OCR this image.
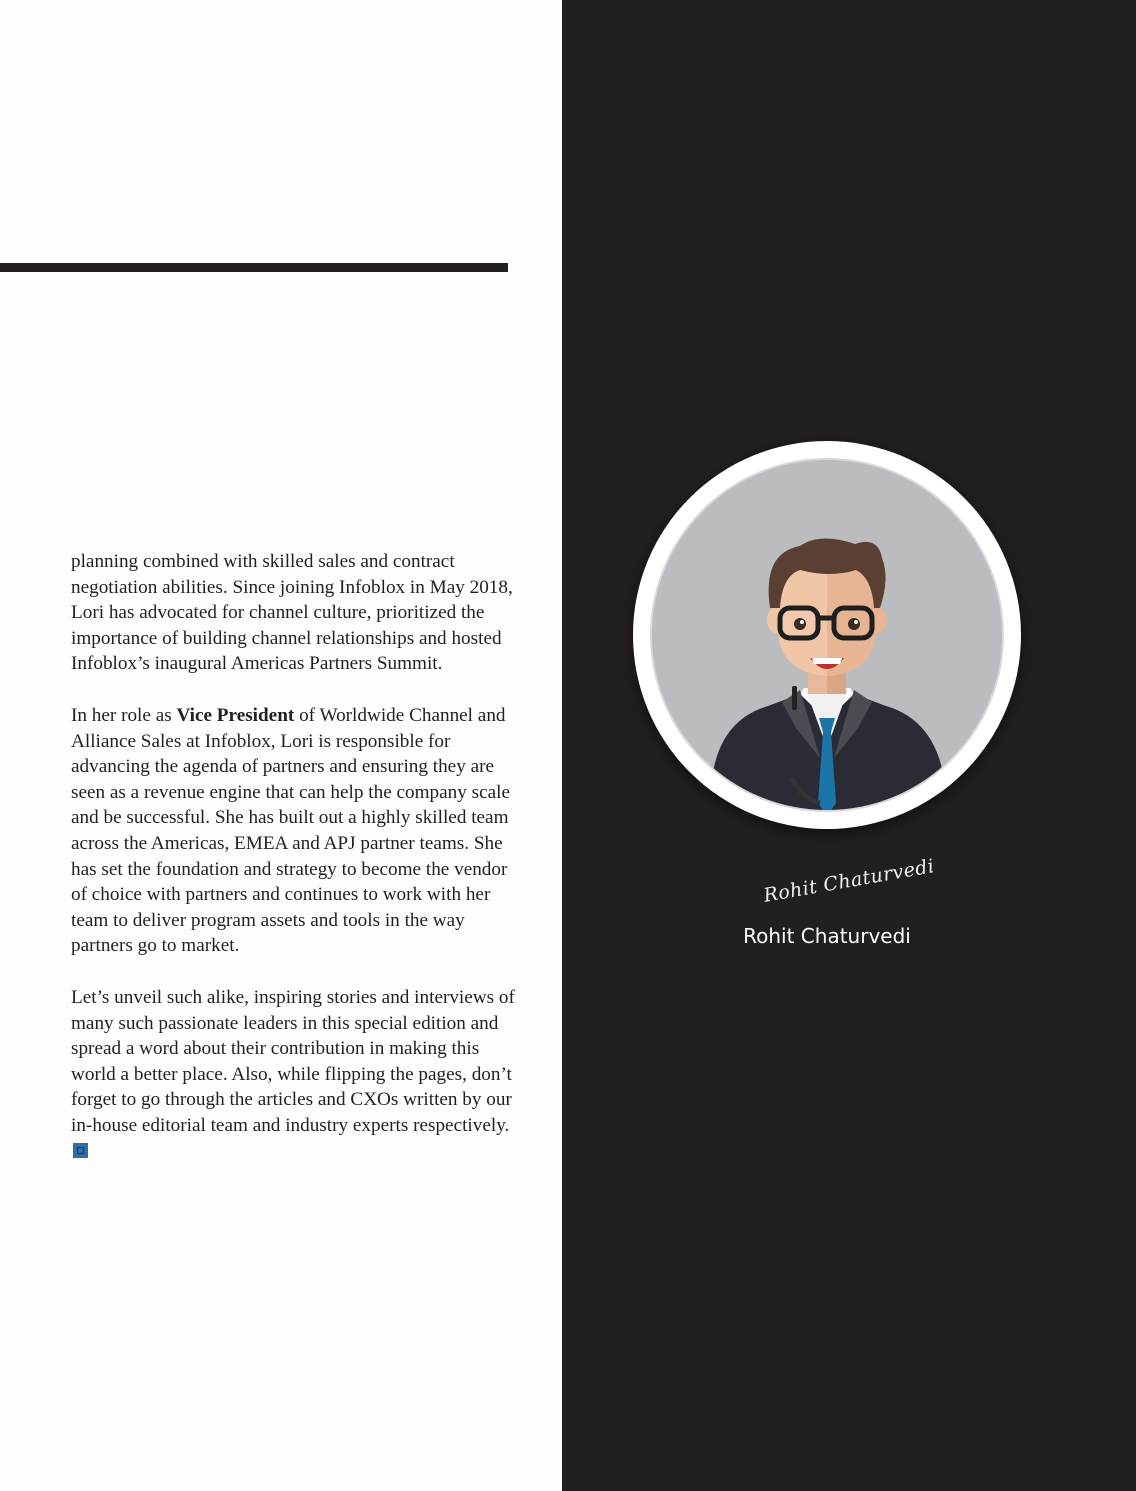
planning combined with skilled sales and contract negotiation abilities. Since joining Infoblox in May 2018, Lori has advocated for channel culture, prioritized the importance of building channel relationships and hosted Infoblox’s inaugural Americas Partners Summit.

In her role as Vice President of Worldwide Channel and Alliance Sales at Infoblox, Lori is responsible for advancing the agenda of partners and ensuring they are seen as a revenue engine that can help the company scale and be successful. She has built out a highly skilled team across the Americas, EMEA and APJ partner teams. She has set the foundation and strategy to become the vendor of choice with partners and continues to work with her team to deliver program assets and tools in the way partners go to market.

Let’s unveil such alike, inspiring stories and interviews of many such passionate leaders in this special edition and spread a word about their contribution in making this world a better place. Also, while flipping the pages, don’t forget to go through the articles and CXOs written by our in-house editorial team and industry experts respectively.

Rohit Chaturvedi
Rohit Chaturvedi
